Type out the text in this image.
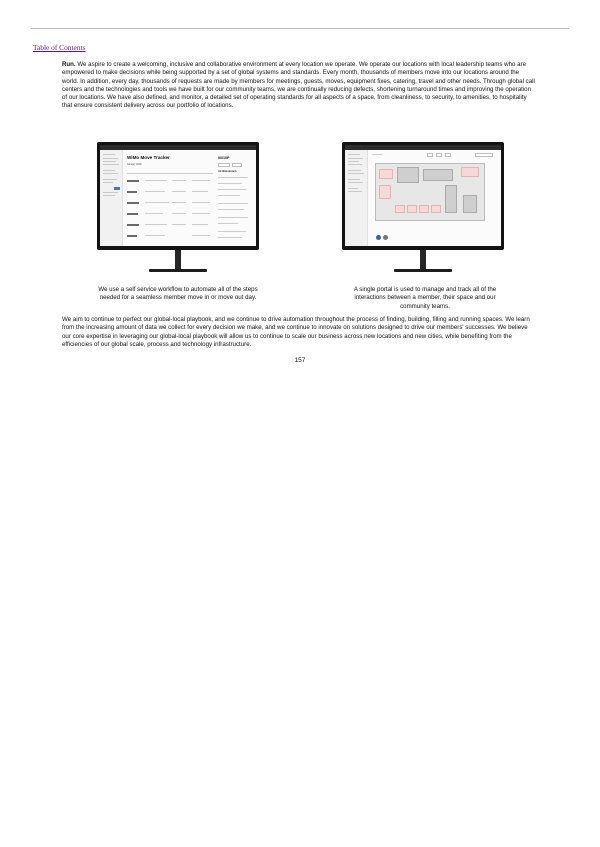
Table of Contents

Run. We aspire to create a welcoming, inclusive and collaborative environment at every location we operate. We operate our locations with local leadership teams who are empowered to make decisions while being supported by a set of global systems and standards. Every month, thousands of members move into our locations around the world. In addition, every day, thousands of requests are made by members for meetings, guests, moves, equipment fixes, catering, travel and other needs. Through global call centers and the technologies and tools we have built for our community teams, we are continually reducing defects, shortening turnaround times and improving the operation of our locations. We have also defined, and monitor, a detailed set of operating standards for all aspects of a space, from cleanliness, to security, to amenities, to hospitality that ensure consistent delivery across our portfolio of locations.

WiMo Move Tracker
January 2019
00/10P
Air Bitcoinmen

We use a self service workflow to automate all of the steps needed for a seamless member move in or move out day.

A single portal is used to manage and track all of the interactions between a member, their space and our community teams.

We aim to continue to perfect our global-local playbook, and we continue to drive automation throughout the process of finding, building, filling and running spaces. We learn from the increasing amount of data we collect for every decision we make, and we continue to innovate on solutions designed to drive our members' successes. We believe our core expertise in leveraging our global-local playbook will allow us to continue to scale our business across new locations and new cities, while benefiting from the efficiencies of our global scale, process and technology infrastructure.

157
